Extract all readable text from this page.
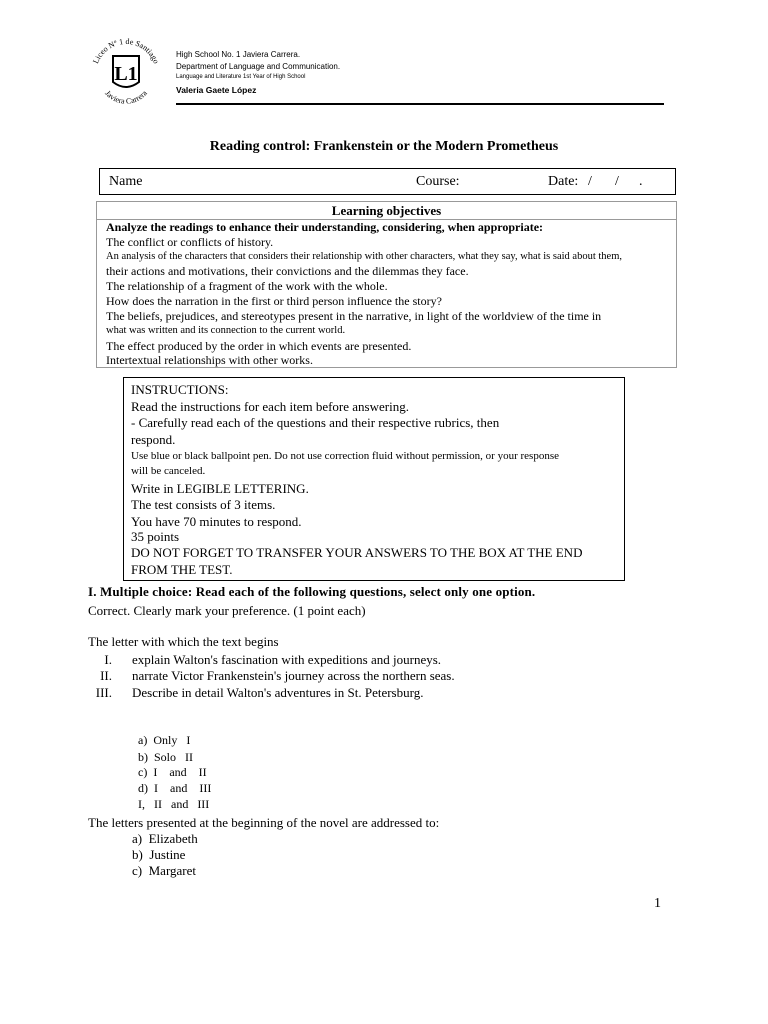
Liceo Nº 1 de Santiago
Javiera Carrera
L1
High School No. 1 Javiera Carrera.
Department of Language and Communication.
Language and Literature 1st Year of High School
Valeria Gaete López
Reading control: Frankenstein or the Modern Prometheus
Name	Course:	Date: / / .
Learning objectives
Analyze the readings to enhance their understanding, considering, when appropriate:
The conflict or conflicts of history.
An analysis of the characters that considers their relationship with other characters, what they say, what is said about them,
their actions and motivations, their convictions and the dilemmas they face.
The relationship of a fragment of the work with the whole.
How does the narration in the first or third person influence the story?
The beliefs, prejudices, and stereotypes present in the narrative, in light of the worldview of the time in
what was written and its connection to the current world.
The effect produced by the order in which events are presented.
Intertextual relationships with other works.
INSTRUCTIONS:
Read the instructions for each item before answering.
- Carefully read each of the questions and their respective rubrics, then
respond.
Use blue or black ballpoint pen. Do not use correction fluid without permission, or your response
will be canceled.
Write in LEGIBLE LETTERING.
The test consists of 3 items.
You have 70 minutes to respond.
35 points
DO NOT FORGET TO TRANSFER YOUR ANSWERS TO THE BOX AT THE END
FROM THE TEST.
I. Multiple choice: Read each of the following questions, select only one option.
Correct. Clearly mark your preference. (1 point each)
The letter with which the text begins
I. explain Walton's fascination with expeditions and journeys.
II. narrate Victor Frankenstein's journey across the northern seas.
III. Describe in detail Walton's adventures in St. Petersburg.

a) Only   I

b) Solo   II

c) I    and    II

d) I    and    III

I,   II   and   III

The letters presented at the beginning of the novel are addressed to:
a) Elizabeth
b) Justine
c) Margaret
1
